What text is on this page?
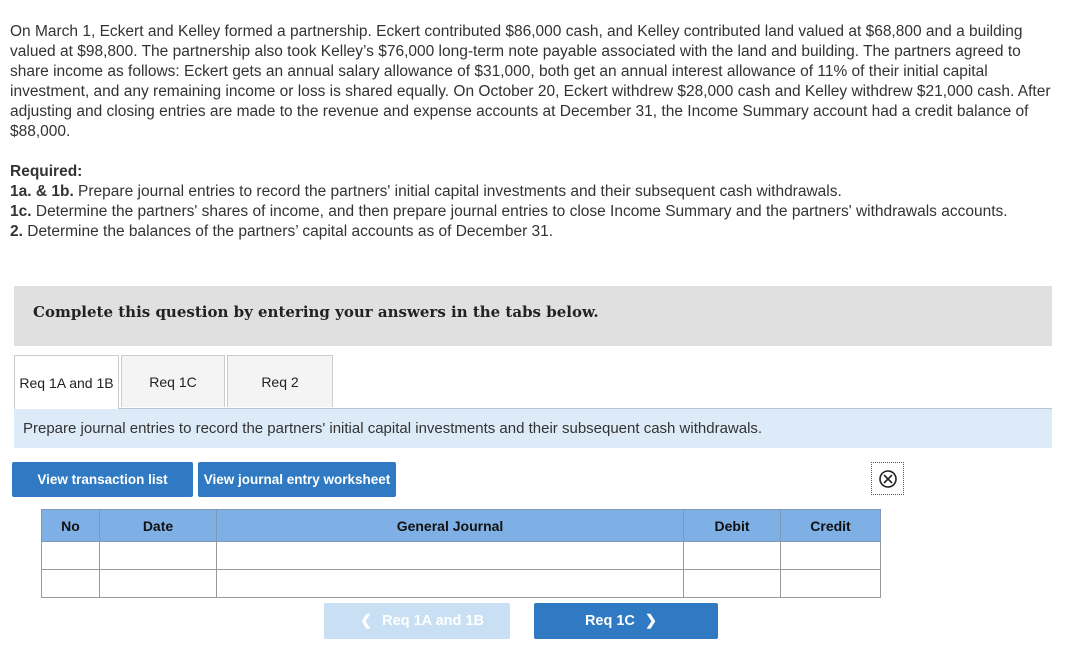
On March 1, Eckert and Kelley formed a partnership. Eckert contributed $86,000 cash, and Kelley contributed land valued at $68,800 and a building valued at $98,800. The partnership also took Kelley’s $76,000 long-term note payable associated with the land and building. The partners agreed to share income as follows: Eckert gets an annual salary allowance of $31,000, both get an annual interest allowance of 11% of their initial capital investment, and any remaining income or loss is shared equally. On October 20, Eckert withdrew $28,000 cash and Kelley withdrew $21,000 cash. After adjusting and closing entries are made to the revenue and expense accounts at December 31, the Income Summary account had a credit balance of $88,000.

Required:

1a. & 1b. Prepare journal entries to record the partners' initial capital investments and their subsequent cash withdrawals.

1c. Determine the partners' shares of income, and then prepare journal entries to close Income Summary and the partners' withdrawals accounts.

2. Determine the balances of the partners’ capital accounts as of December 31.

Complete this question by entering your answers in the tabs below.
Req 1A and 1B	Req 1C	Req 2
Prepare journal entries to record the partners' initial capital investments and their subsequent cash withdrawals.
View transaction list	View journal entry worksheet
No	Date	General Journal	Debit	Credit

❮ Req 1A and 1B	Req 1C ❯
